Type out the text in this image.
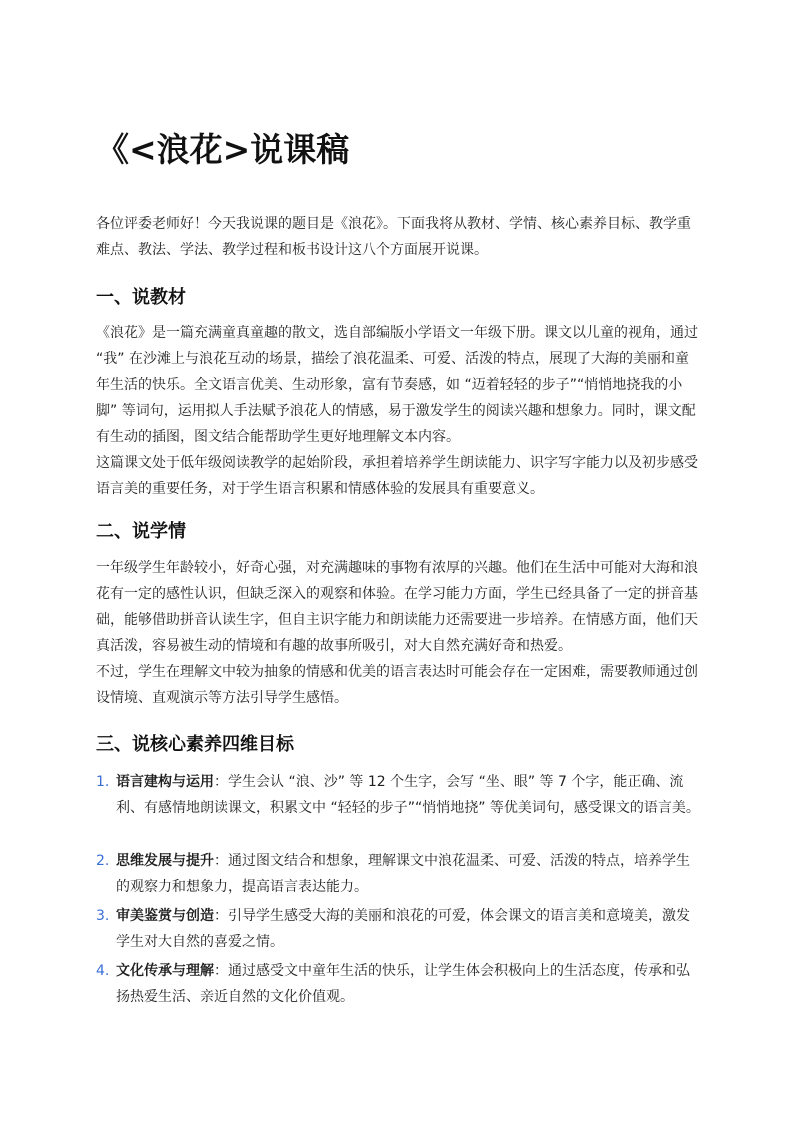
《<浪花>说课稿

各位评委老师好！今天我说课的题目是《浪花》。下面我将从教材、学情、核心素养目标、教学重难点、教法、学法、教学过程和板书设计这八个方面展开说课。

一、说教材

《浪花》是一篇充满童真童趣的散文，选自部编版小学语文一年级下册。课文以儿童的视角，通过 “我” 在沙滩上与浪花互动的场景，描绘了浪花温柔、可爱、活泼的特点，展现了大海的美丽和童年生活的快乐。全文语言优美、生动形象，富有节奏感，如 “迈着轻轻的步子”“悄悄地挠我的小脚” 等词句，运用拟人手法赋予浪花人的情感，易于激发学生的阅读兴趣和想象力。同时，课文配有生动的插图，图文结合能帮助学生更好地理解文本内容。

这篇课文处于低年级阅读教学的起始阶段，承担着培养学生朗读能力、识字写字能力以及初步感受语言美的重要任务，对于学生语言积累和情感体验的发展具有重要意义。

二、说学情

一年级学生年龄较小，好奇心强，对充满趣味的事物有浓厚的兴趣。他们在生活中可能对大海和浪花有一定的感性认识，但缺乏深入的观察和体验。在学习能力方面，学生已经具备了一定的拼音基础，能够借助拼音认读生字，但自主识字能力和朗读能力还需要进一步培养。在情感方面，他们天真活泼，容易被生动的情境和有趣的故事所吸引，对大自然充满好奇和热爱。

不过，学生在理解文中较为抽象的情感和优美的语言表达时可能会存在一定困难，需要教师通过创设情境、直观演示等方法引导学生感悟。

三、说核心素养四维目标
1. 语言建构与运用：学生会认 “浪、沙” 等 12 个生字，会写 “坐、眼” 等 7 个字，能正确、流利、有感情地朗读课文，积累文中 “轻轻的步子”“悄悄地挠” 等优美词句，感受课文的语言美。

2. 思维发展与提升：通过图文结合和想象，理解课文中浪花温柔、可爱、活泼的特点，培养学生的观察力和想象力，提高语言表达能力。

3. 审美鉴赏与创造：引导学生感受大海的美丽和浪花的可爱，体会课文的语言美和意境美，激发学生对大自然的喜爱之情。

4. 文化传承与理解：通过感受文中童年生活的快乐，让学生体会积极向上的生活态度，传承和弘扬热爱生活、亲近自然的文化价值观。
